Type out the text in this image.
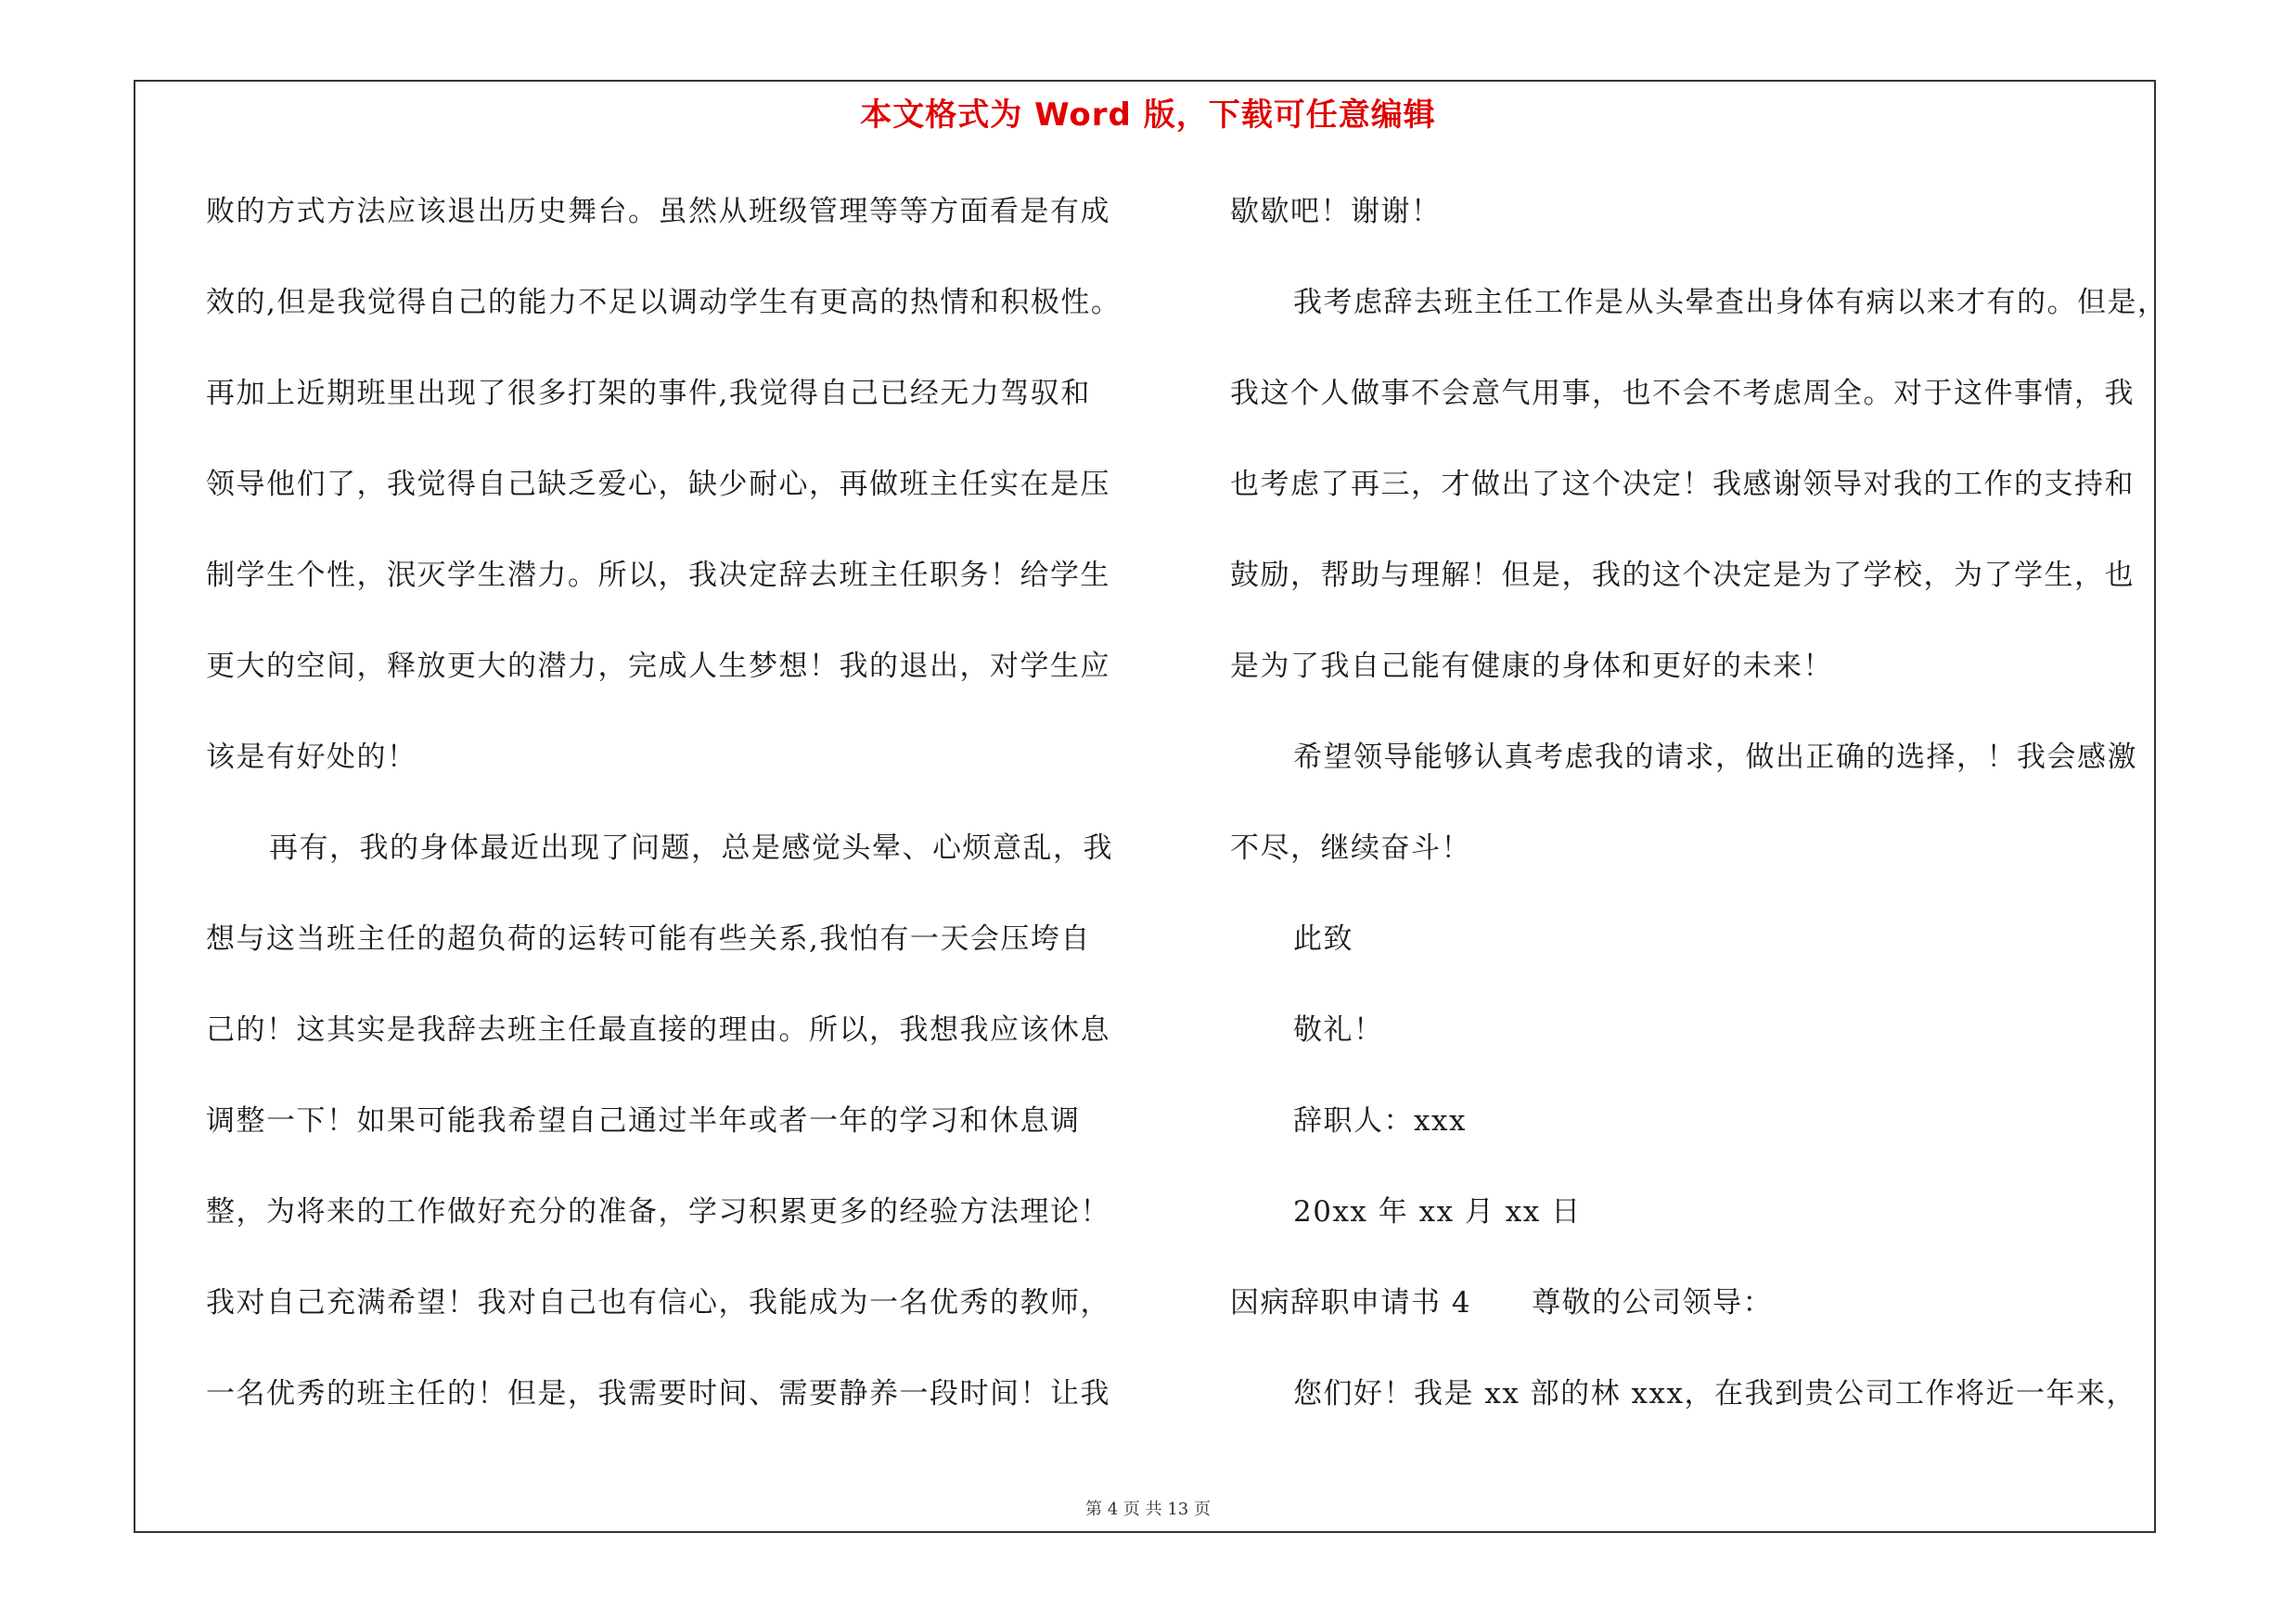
本文格式为 Word 版，下载可任意编辑
败的方式方法应该退出历史舞台。虽然从班级管理等等方面看是有成
效的,但是我觉得自己的能力不足以调动学生有更高的热情和积极性。
再加上近期班里出现了很多打架的事件,我觉得自己已经无力驾驭和
领导他们了，我觉得自己缺乏爱心，缺少耐心，再做班主任实在是压
制学生个性，泯灭学生潜力。所以，我决定辞去班主任职务！给学生
更大的空间，释放更大的潜力，完成人生梦想！我的退出，对学生应
该是有好处的！
再有，我的身体最近出现了问题，总是感觉头晕、心烦意乱，我
想与这当班主任的超负荷的运转可能有些关系,我怕有一天会压垮自
己的！这其实是我辞去班主任最直接的理由。所以，我想我应该休息
调整一下！如果可能我希望自己通过半年或者一年的学习和休息调
整，为将来的工作做好充分的准备，学习积累更多的经验方法理论！
我对自己充满希望！我对自己也有信心，我能成为一名优秀的教师，
一名优秀的班主任的！但是，我需要时间、需要静养一段时间！让我
歇歇吧！谢谢！
我考虑辞去班主任工作是从头晕查出身体有病以来才有的。但是，
我这个人做事不会意气用事，也不会不考虑周全。对于这件事情，我
也考虑了再三，才做出了这个决定！我感谢领导对我的工作的支持和
鼓励，帮助与理解！但是，我的这个决定是为了学校，为了学生，也
是为了我自己能有健康的身体和更好的未来！
希望领导能够认真考虑我的请求，做出正确的选择，！我会感激
不尽，继续奋斗！
此致
敬礼！
辞职人：xxx
20xx 年 xx 月 xx 日
因病辞职申请书 4　　尊敬的公司领导：
您们好！我是 xx 部的林 xxx，在我到贵公司工作将近一年来，
第 4 页 共 13 页
